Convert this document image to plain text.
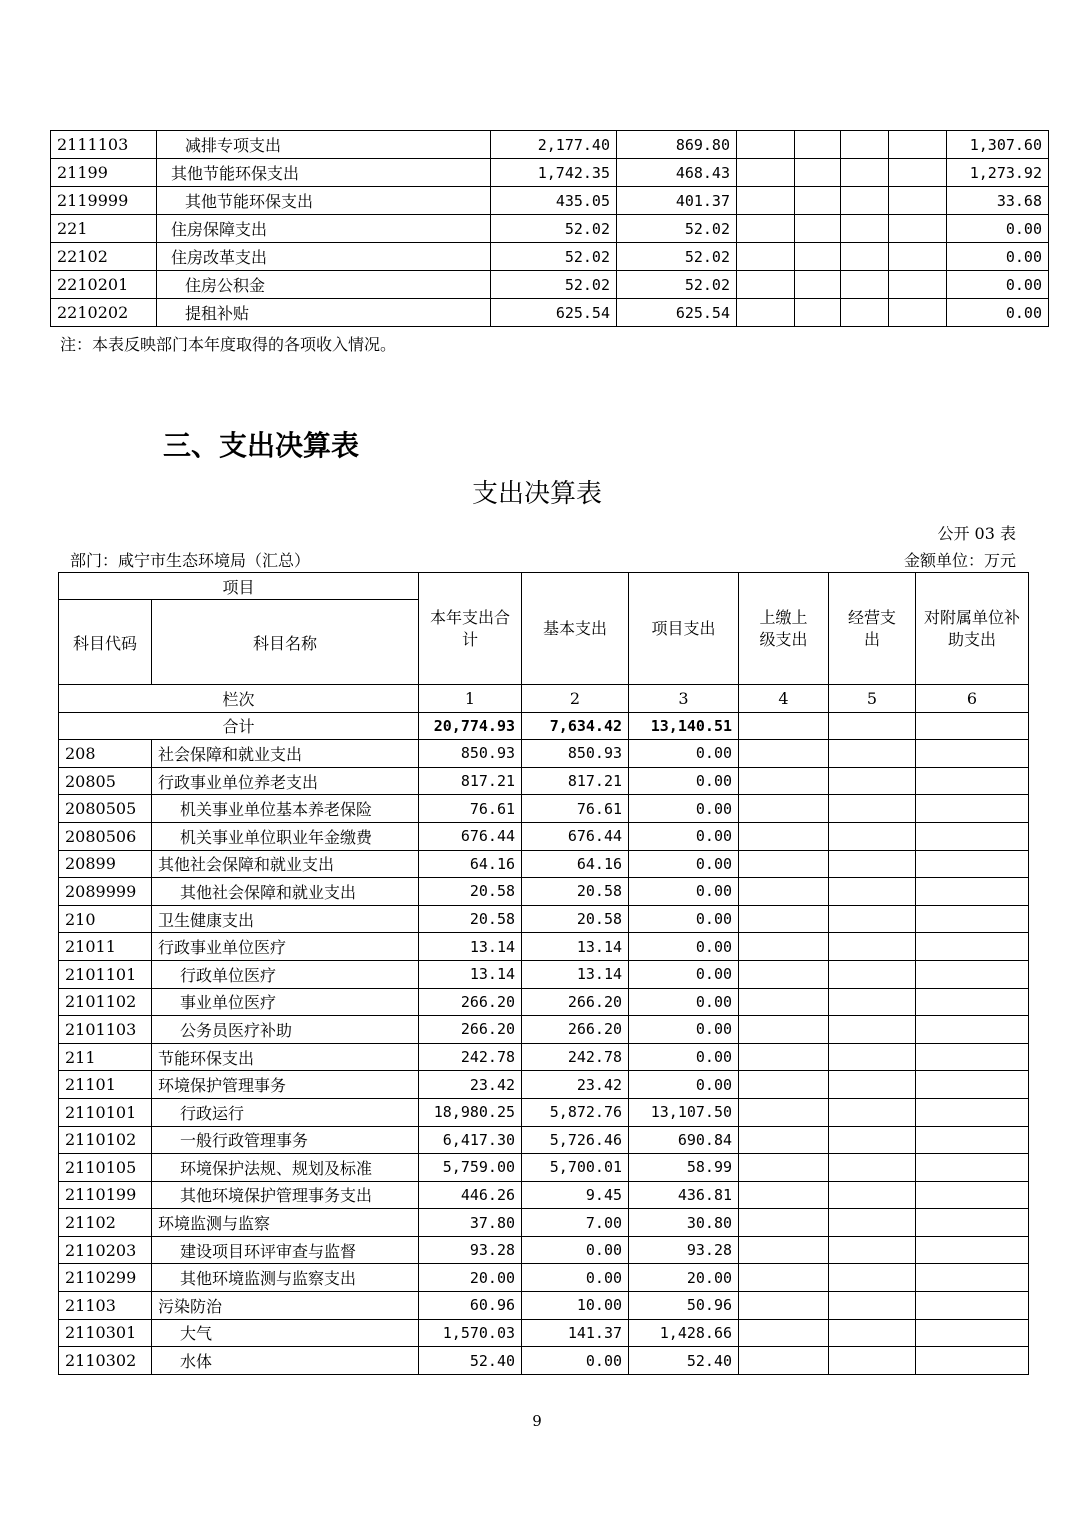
2111103	减排专项支出	2,177.40	869.80					1,307.60
21199	其他节能环保支出	1,742.35	468.43					1,273.92
2119999	其他节能环保支出	435.05	401.37					33.68
221	住房保障支出	52.02	52.02					0.00
22102	住房改革支出	52.02	52.02					0.00
2210201	住房公积金	52.02	52.02					0.00
2210202	提租补贴	625.54	625.54					0.00
注：本表反映部门本年度取得的各项收入情况。
三、支出决算表
支出决算表
公开 03 表
部门：咸宁市生态环境局（汇总）	金额单位：万元
项目		本年支出合计	基本支出	项目支出	上缴上级支出	经营支出	对附属单位补助支出
科目代码	科目名称						
栏次		1	2	3	4	5	6
合计		20,774.93	7,634.42	13,140.51			
208	社会保障和就业支出	850.93	850.93	0.00			
20805	行政事业单位养老支出	817.21	817.21	0.00			
2080505	机关事业单位基本养老保险	76.61	76.61	0.00			
2080506	机关事业单位职业年金缴费	676.44	676.44	0.00			
20899	其他社会保障和就业支出	64.16	64.16	0.00			
2089999	其他社会保障和就业支出	20.58	20.58	0.00			
210	卫生健康支出	20.58	20.58	0.00			
21011	行政事业单位医疗	13.14	13.14	0.00			
2101101	行政单位医疗	13.14	13.14	0.00			
2101102	事业单位医疗	266.20	266.20	0.00			
2101103	公务员医疗补助	266.20	266.20	0.00			
211	节能环保支出	242.78	242.78	0.00			
21101	环境保护管理事务	23.42	23.42	0.00			
2110101	行政运行	18,980.25	5,872.76	13,107.50			
2110102	一般行政管理事务	6,417.30	5,726.46	690.84			
2110105	环境保护法规、规划及标准	5,759.00	5,700.01	58.99			
2110199	其他环境保护管理事务支出	446.26	9.45	436.81			
21102	环境监测与监察	37.80	7.00	30.80			
2110203	建设项目环评审查与监督	93.28	0.00	93.28			
2110299	其他环境监测与监察支出	20.00	0.00	20.00			
21103	污染防治	60.96	10.00	50.96			
2110301	大气	1,570.03	141.37	1,428.66			
2110302	水体	52.40	0.00	52.40			
9
